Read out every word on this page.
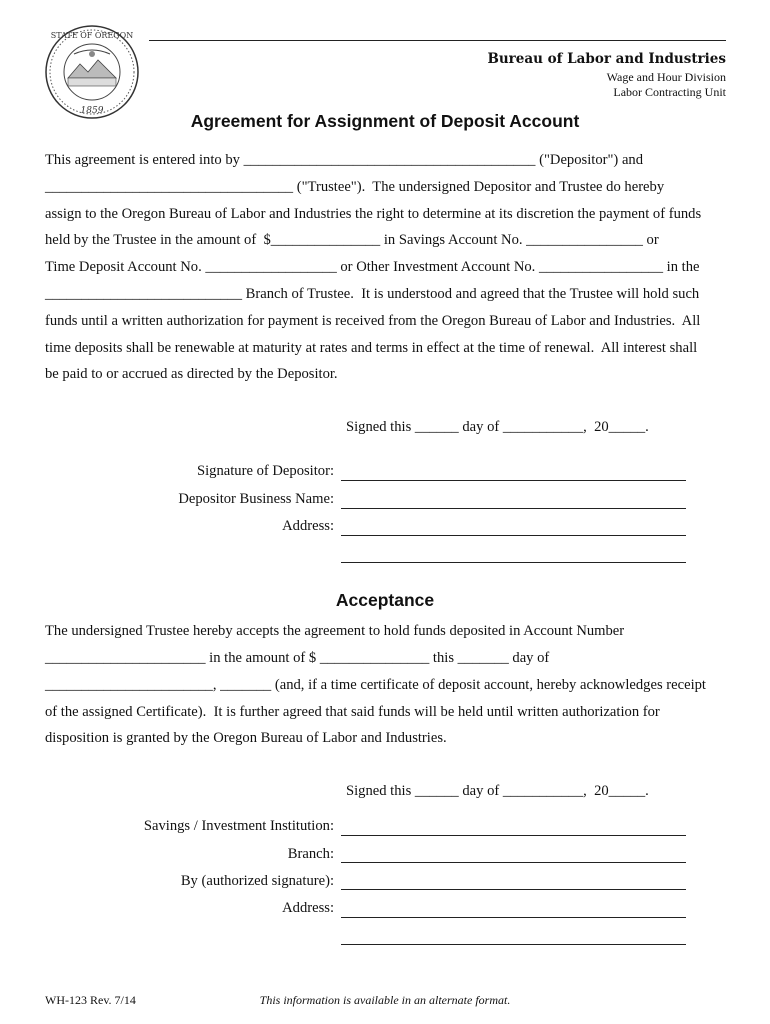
STATE OF OREGON
1859
Bureau of Labor and Industries
Wage and Hour Division
Labor Contracting Unit
Agreement for Assignment of Deposit Account
This agreement is entered into by ________________________________________ ("Depositor") and
__________________________________ ("Trustee").  The undersigned Depositor and Trustee do hereby
assign to the Oregon Bureau of Labor and Industries the right to determine at its discretion the payment of funds
held by the Trustee in the amount of  $_______________ in Savings Account No. ________________ or
Time Deposit Account No. __________________ or Other Investment Account No. _________________ in the
___________________________ Branch of Trustee.  It is understood and agreed that the Trustee will hold such
funds until a written authorization for payment is received from the Oregon Bureau of Labor and Industries.  All
time deposits shall be renewable at maturity at rates and terms in effect at the time of renewal.  All interest shall
be paid to or accrued as directed by the Depositor.
Signed this ______ day of ___________,  20_____.
Signature of Depositor:
Depositor Business Name:
Address:
Acceptance
The undersigned Trustee hereby accepts the agreement to hold funds deposited in Account Number
______________________ in the amount of $ _______________ this _______ day of
_______________________, _______ (and, if a time certificate of deposit account, hereby acknowledges receipt
of the assigned Certificate).  It is further agreed that said funds will be held until written authorization for
disposition is granted by the Oregon Bureau of Labor and Industries.
Signed this ______ day of ___________,  20_____.
Savings / Investment Institution:
Branch:
By (authorized signature):
Address:
WH-123 Rev. 7/14	This information is available in an alternate format.
